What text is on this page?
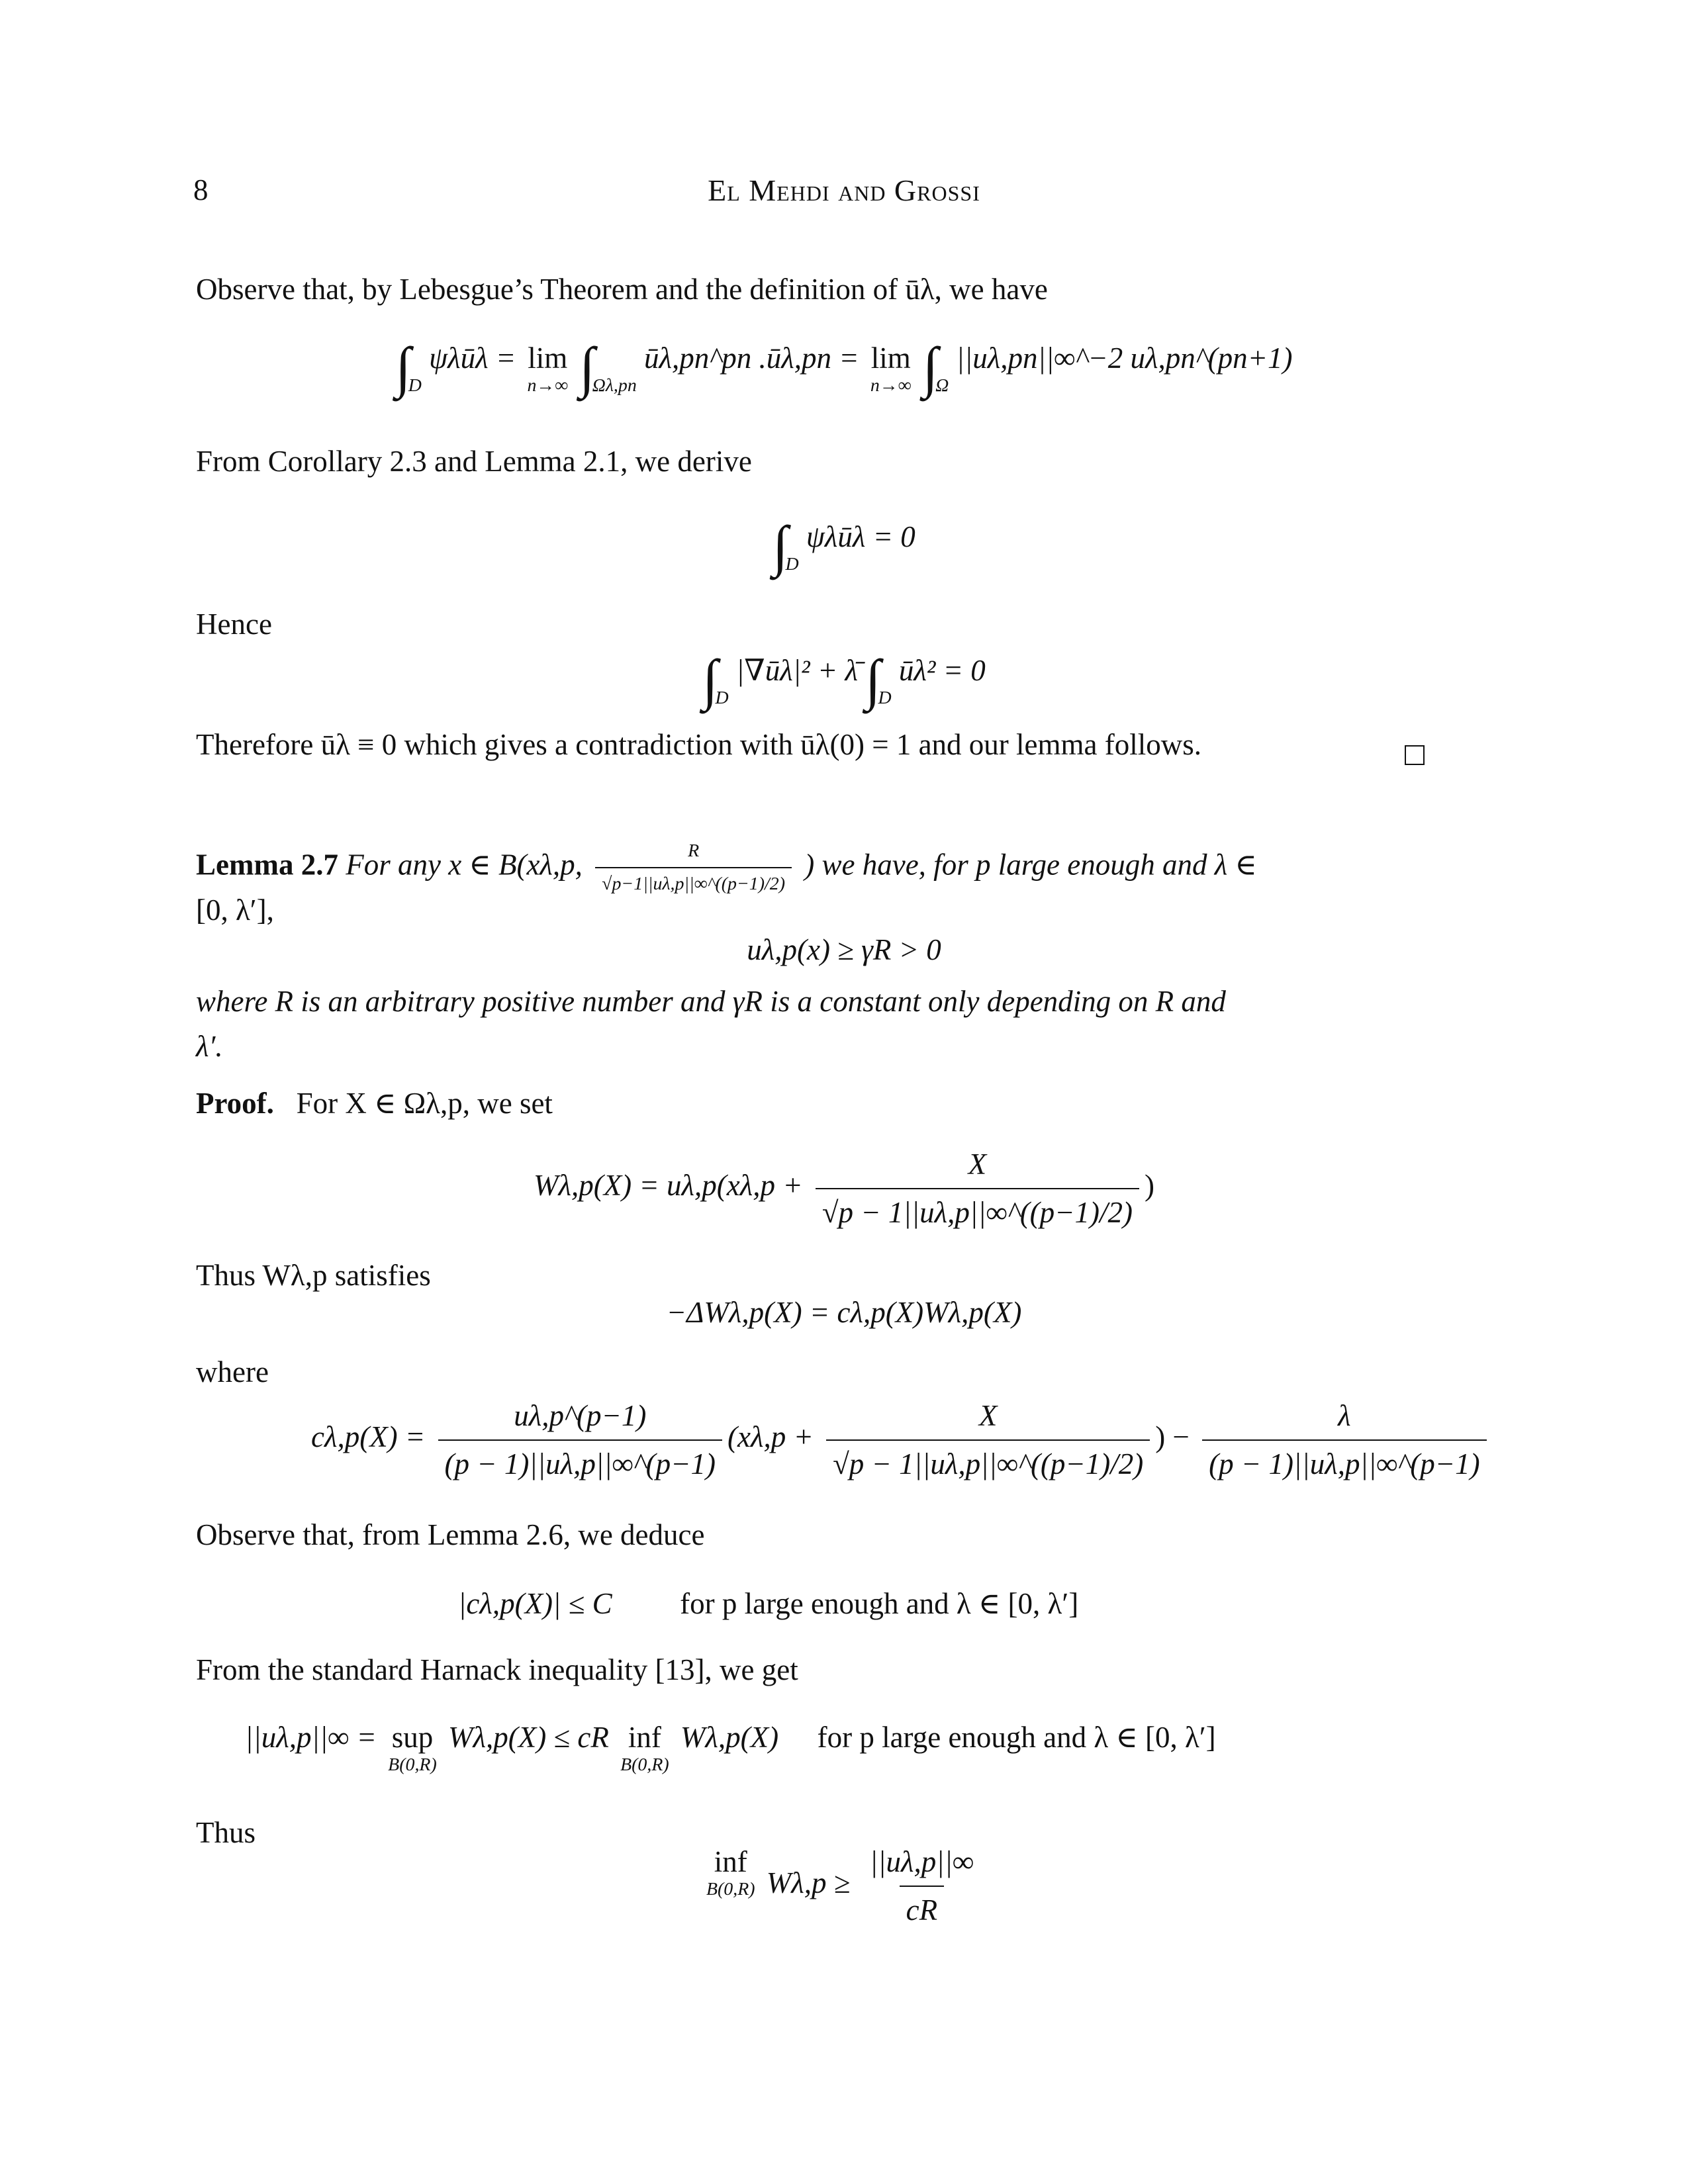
8	El Mehdi and Grossi
Observe that, by Lebesgue’s Theorem and the definition of ūλ, we have
$\int_D$ ψλūλ = lim
n→∞ $\int_{\Omega\lambda,pn}$ ūλ,pn^pn .ūλ,pn = lim
n→∞ $\int_\Omega$ ||uλ,pn||∞^−2 uλ,pn^(pn+1)
From Corollary 2.3 and Lemma 2.1, we derive
$\int_D$ ψλūλ = 0
Hence
$\int_D$ |∇ūλ|² + λ̄ $\int_D$ ūλ² = 0
Therefore ūλ ≡ 0 which gives a contradiction with ūλ(0) = 1 and our lemma follows.
Lemma 2.7 For any x ∈ B(xλ,p, $\frac{R}{√p-1||u\lambda,p||\infty\^{}((p-1)/2)}$ ) we have, for p large enough and λ ∈
[0, λ′],
uλ,p(x) ≥ γR > 0
where R is an arbitrary positive number and γR is a constant only depending on R and
λ′.
Proof. For X ∈ Ωλ,p, we set
$W\lambda,p(X) = u\lambda,p(x\lambda,p + \frac{X}{√p - 1||u\lambda,p||\infty\^{}((p-1)/2)}$ )
Thus Wλ,p satisfies
−ΔWλ,p(X) = cλ,p(X)Wλ,p(X)
where
$c\lambda,p(X) = \frac{u\lambda,p\^{}(p-1)}{(p - 1)||u\lambda,p||\infty\^{}(p-1)} (x\lambda,p + \frac{X}{√p - 1||u\lambda,p||\infty\^{}((p-1)/2)}$ ) − $\frac{\lambda}{(p - 1)||u\lambda,p||\infty\^{}(p-1)}$
Observe that, from Lemma 2.6, we deduce
|cλ,p(X)| ≤ C for p large enough and λ ∈ [0, λ′]
From the standard Harnack inequality [13], we get
||uλ,p||∞ = sup
B(0,R)
Wλ,p(X) ≤ cR inf
B(0,R)
Wλ,p(X) for p large enough and λ ∈ [0, λ′]
Thus
inf
B(0,R) $W\lambda,p \ge \frac{||u\lambda,p||\infty}{cR}$
